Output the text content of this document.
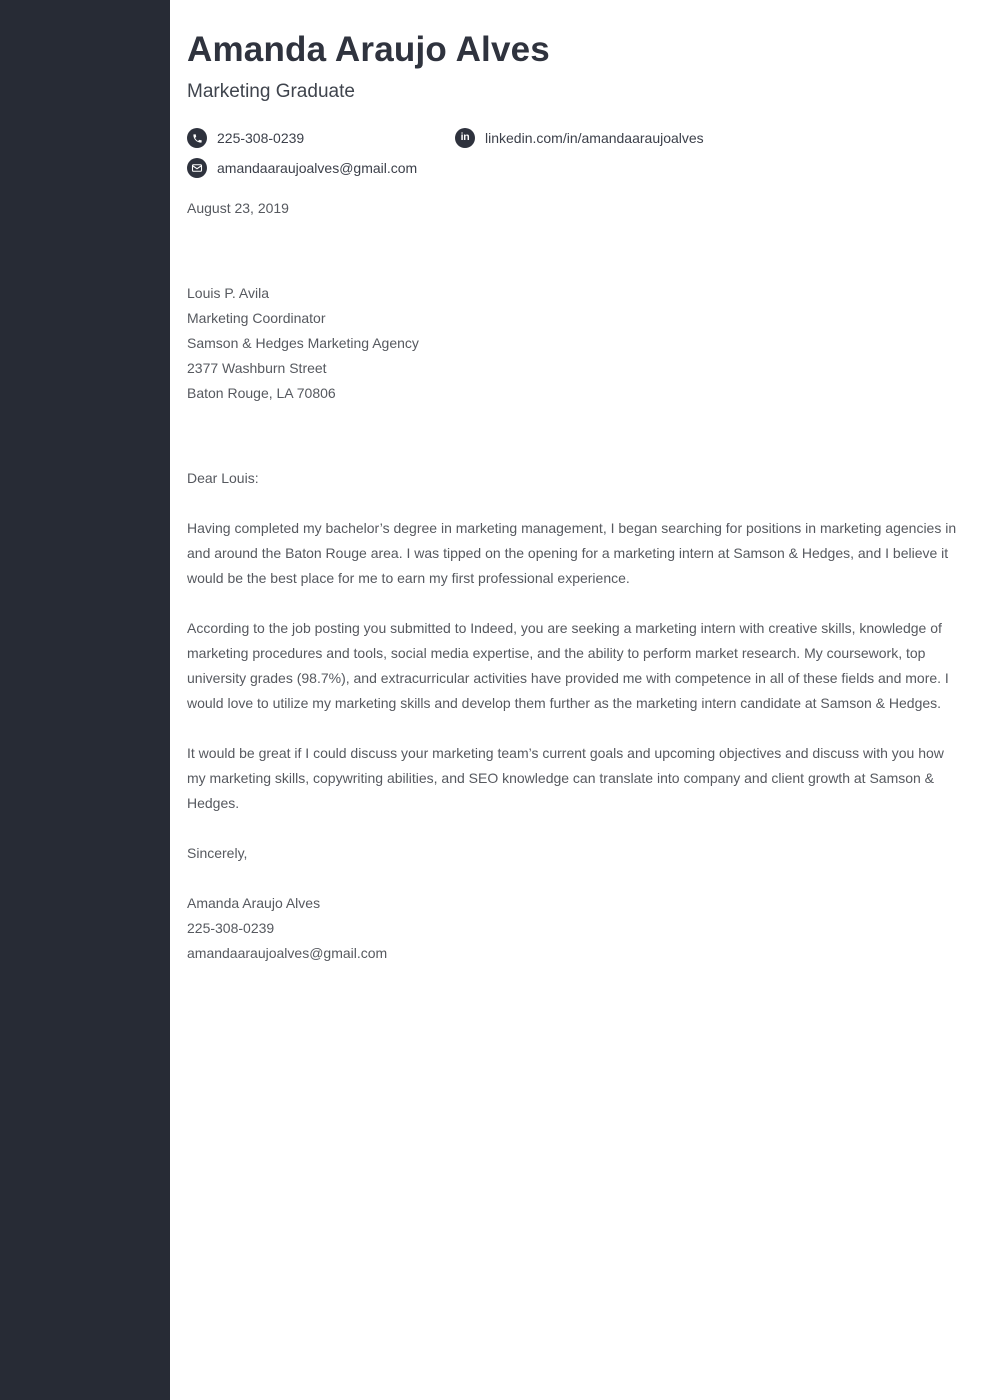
Amanda Araujo Alves
Marketing Graduate
225-308-0239	in linkedin.com/in/amandaaraujoalves
amandaaraujoalves@gmail.com
August 23, 2019
Louis P. Avila
Marketing Coordinator
Samson & Hedges Marketing Agency
2377 Washburn Street
Baton Rouge, LA 70806
Dear Louis:

Having completed my bachelor’s degree in marketing management, I began searching for positions in marketing agencies in and around the Baton Rouge area. I was tipped on the opening for a marketing intern at Samson & Hedges, and I believe it would be the best place for me to earn my first professional experience.

According to the job posting you submitted to Indeed, you are seeking a marketing intern with creative skills, knowledge of marketing procedures and tools, social media expertise, and the ability to perform market research. My coursework, top university grades (98.7%), and extracurricular activities have provided me with competence in all of these fields and more. I would love to utilize my marketing skills and develop them further as the marketing intern candidate at Samson & Hedges.

It would be great if I could discuss your marketing team’s current goals and upcoming objectives and discuss with you how my marketing skills, copywriting abilities, and SEO knowledge can translate into company and client growth at Samson & Hedges.

Sincerely,
Amanda Araujo Alves
225-308-0239
amandaaraujoalves@gmail.com
